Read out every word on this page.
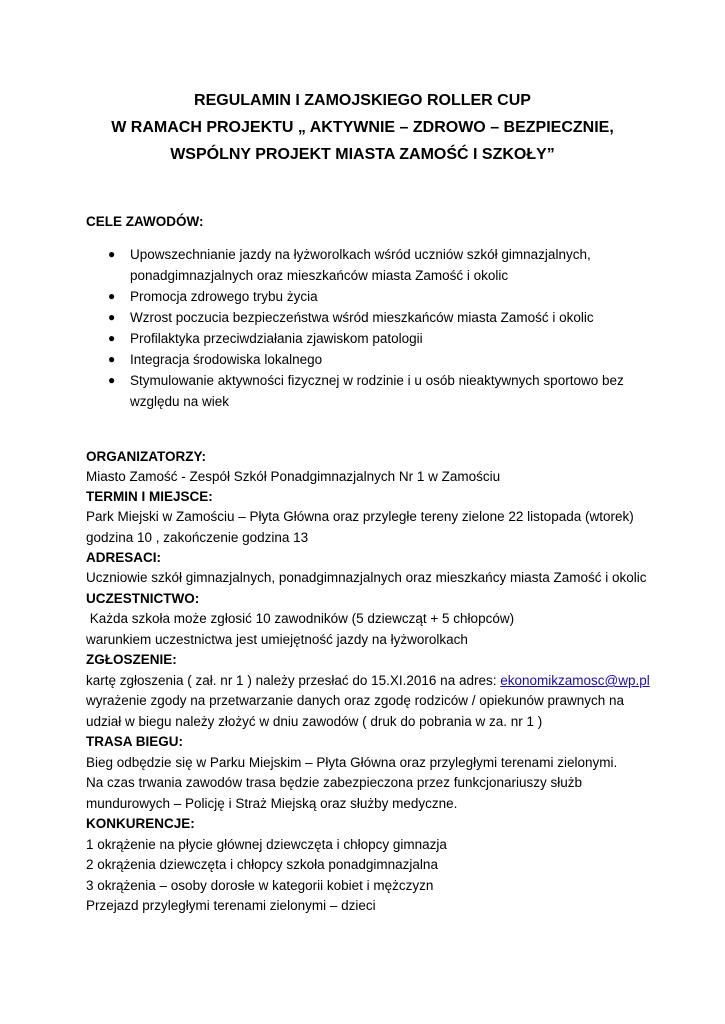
REGULAMIN I ZAMOJSKIEGO ROLLER CUP
W RAMACH PROJEKTU „ AKTYWNIE – ZDROWO – BEZPIECZNIE,
WSPÓLNY PROJEKT MIASTA ZAMOŚĆ I SZKOŁY”
CELE ZAWODÓW:
● Upowszechnianie jazdy na łyżworolkach wśród uczniów szkół gimnazjalnych,
ponadgimnazjalnych oraz mieszkańców miasta Zamość i okolic
● Promocja zdrowego trybu życia
● Wzrost poczucia bezpieczeństwa wśród mieszkańców miasta Zamość i okolic
● Profilaktyka przeciwdziałania zjawiskom patologii
● Integracja środowiska lokalnego
● Stymulowanie aktywności fizycznej w rodzinie i u osób nieaktywnych sportowo bez
względu na wiek
ORGANIZATORZY:
Miasto Zamość - Zespół Szkół Ponadgimnazjalnych Nr 1 w Zamościu
TERMIN I MIEJSCE:
Park Miejski w Zamościu – Płyta Główna oraz przyległe tereny zielone 22 listopada (wtorek)
godzina 10 , zakończenie godzina 13
ADRESACI:
Uczniowie szkół gimnazjalnych, ponadgimnazjalnych oraz mieszkańcy miasta Zamość i okolic
UCZESTNICTWO:
Każda szkoła może zgłosić 10 zawodników (5 dziewcząt + 5 chłopców)
warunkiem uczestnictwa jest umiejętność jazdy na łyżworolkach
ZGŁOSZENIE:
kartę zgłoszenia ( zał. nr 1 ) należy przesłać do 15.XI.2016 na adres: ekonomikzamosc@wp.pl
wyrażenie zgody na przetwarzanie danych oraz zgodę rodziców / opiekunów prawnych na
udział w biegu należy złożyć w dniu zawodów ( druk do pobrania w za. nr 1 )
TRASA BIEGU:
Bieg odbędzie się w Parku Miejskim – Płyta Główna oraz przyległymi terenami zielonymi.
Na czas trwania zawodów trasa będzie zabezpieczona przez funkcjonariuszy służb
mundurowych – Policję i Straż Miejską oraz służby medyczne.
KONKURENCJE:
1 okrążenie na płycie głównej dziewczęta i chłopcy gimnazja
2 okrążenia dziewczęta i chłopcy szkoła ponadgimnazjalna
3 okrążenia – osoby dorosłe w kategorii kobiet i mężczyzn
Przejazd przyległymi terenami zielonymi – dzieci
